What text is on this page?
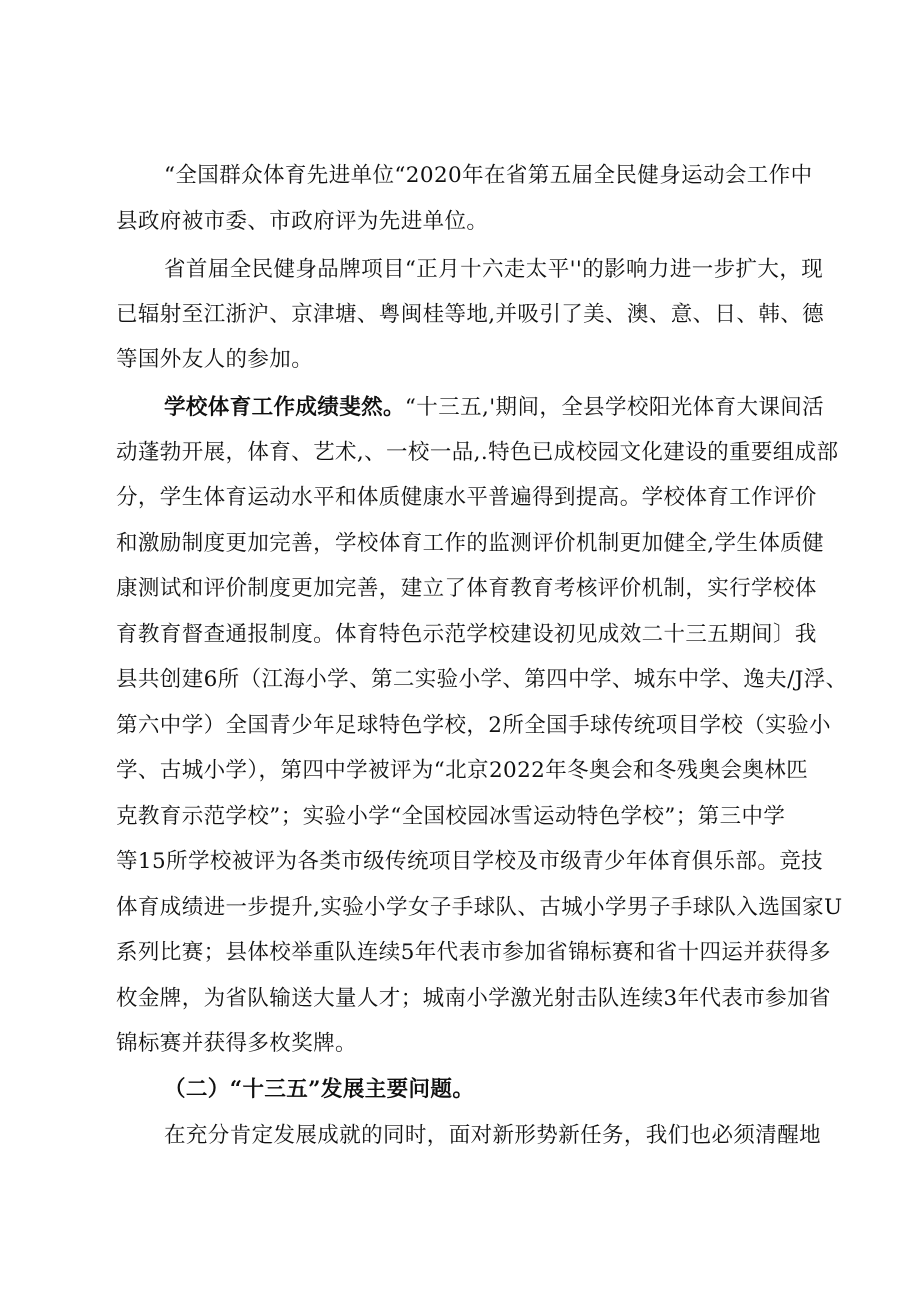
“全国群众体育先进单位“2020年在省第五届全民健身运动会工作中
县政府被市委、市政府评为先进单位。
省首届全民健身品牌项目“正月十六走太平''的影响力进一步扩大，现
已辐射至江浙沪、京津塘、粤闽桂等地,并吸引了美、澳、意、日、韩、德
等国外友人的参加。
学校体育工作成绩斐然。“十三五,'期间，全县学校阳光体育大课间活
动蓬勃开展，体育、艺术,、一校一品,.特色已成校园文化建设的重要组成部
分，学生体育运动水平和体质健康水平普遍得到提高。学校体育工作评价
和激励制度更加完善，学校体育工作的监测评价机制更加健全,学生体质健
康测试和评价制度更加完善，建立了体育教育考核评价机制，实行学校体
育教育督查通报制度。体育特色示范学校建设初见成效二十三五期间〕我
县共创建6所（江海小学、第二实验小学、第四中学、城东中学、逸夫/J浮、
第六中学）全国青少年足球特色学校，2所全国手球传统项目学校（实验小
学、古城小学），第四中学被评为“北京2022年冬奥会和冬残奥会奥林匹
克教育示范学校”；实验小学“全国校园冰雪运动特色学校”；第三中学
等15所学校被评为各类市级传统项目学校及市级青少年体育俱乐部。竞技
体育成绩进一步提升,实验小学女子手球队、古城小学男子手球队入选国家U
系列比赛；县体校举重队连续5年代表市参加省锦标赛和省十四运并获得多
枚金牌，为省队输送大量人才；城南小学激光射击队连续3年代表市参加省
锦标赛并获得多枚奖牌。
（二）“十三五”发展主要问题。
在充分肯定发展成就的同时，面对新形势新任务，我们也必须清醒地
